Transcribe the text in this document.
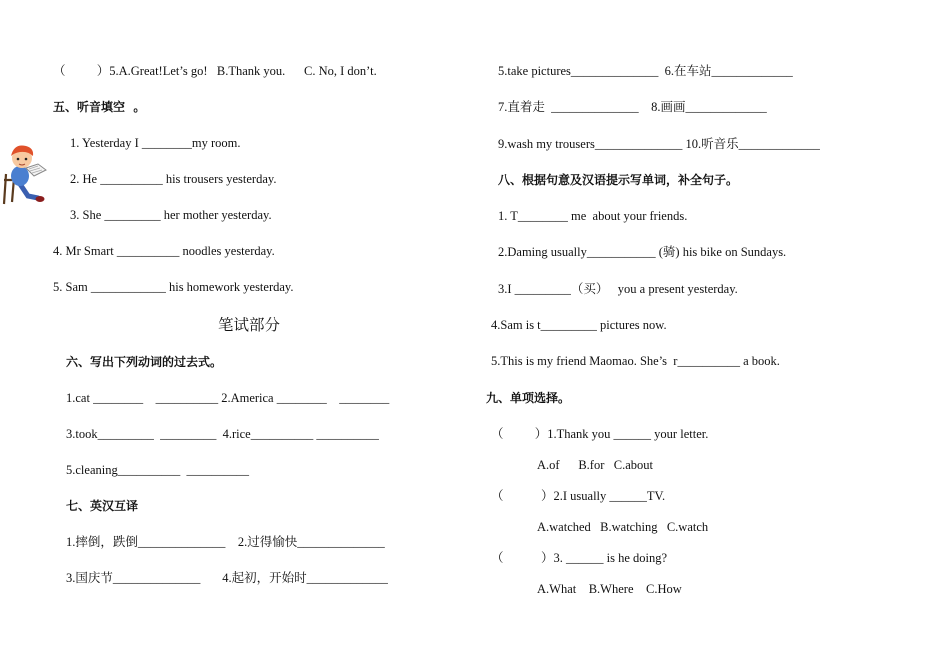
（          ）5.A.Great!Let’s go!   B.Thank you.      C. No, I don’t.
五、听音填空  。
1. Yesterday I ________my room.
2. He __________ his trousers yesterday.
3. She _________ her mother yesterday.
4. Mr Smart __________ noodles yesterday.
5. Sam ____________ his homework yesterday.
笔试部分
六、写出下列动词的过去式。
1.cat ________    __________ 2.America ________    ________
3.took_________  _________  4.rice__________ __________
5.cleaning__________  __________
七、英汉互译
1.摔倒，跌倒______________    2.过得愉快______________
3.国庆节______________       4.起初，开始时_____________
5.take pictures______________  6.在车站_____________
7.直着走  ______________    8.画画_____________
9.wash my trousers______________ 10.听音乐_____________
八、根据句意及汉语提示写单词，补全句子。
1. T________ me  about your friends.
2.Daming usually___________ (骑) his bike on Sundays.
3.I _________（买）   you a present yesterday.
4.Sam is t_________ pictures now.
5.This is my friend Maomao. She’s  r__________ a book.
九、单项选择。
（          ）1.Thank you ______ your letter.
A.of      B.for   C.about
（            ）2.I usually ______TV.
A.watched   B.watching   C.watch
（            ）3. ______ is he doing?
A.What    B.Where    C.How
